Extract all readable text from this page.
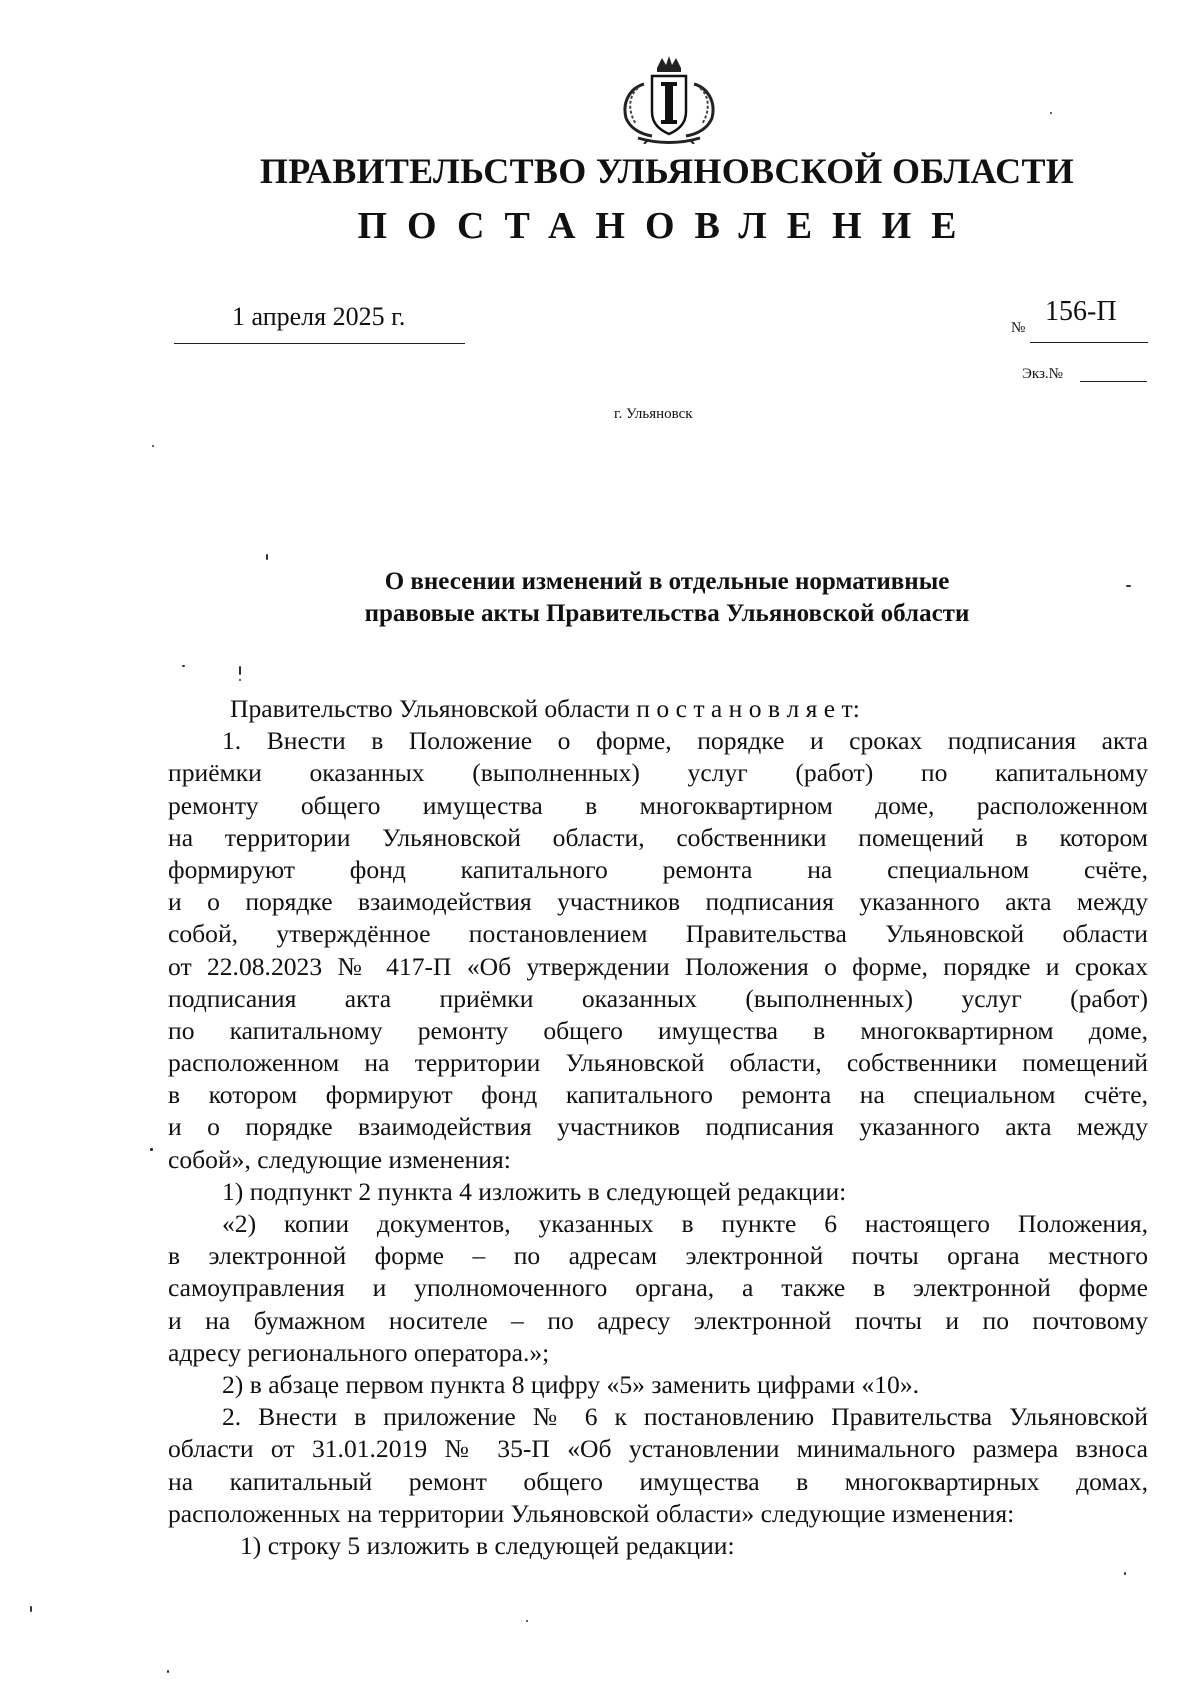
ПРАВИТЕЛЬСТВО УЛЬЯНОВСКОЙ ОБЛАСТИ
ПОСТАНОВЛЕНИЕ
1 апреля 2025 г.	№
156-П
Экз.№
г. Ульяновск
О внесении изменений в отдельные нормативные
правовые акты Правительства Ульяновской области
Правительство Ульяновской области п о с т а н о в л я е т:
1. Внести в Положение о форме, порядке и сроках подписания акта
приёмки оказанных (выполненных) услуг (работ) по капитальному
ремонту общего имущества в многоквартирном доме, расположенном
на территории Ульяновской области, собственники помещений в котором
формируют фонд капитального ремонта на специальном счёте,
и о порядке взаимодействия участников подписания указанного акта между
собой, утверждённое постановлением Правительства Ульяновской области
от 22.08.2023 № 417-П «Об утверждении Положения о форме, порядке и сроках
подписания акта приёмки оказанных (выполненных) услуг (работ)
по капитальному ремонту общего имущества в многоквартирном доме,
расположенном на территории Ульяновской области, собственники помещений
в котором формируют фонд капитального ремонта на специальном счёте,
и о порядке взаимодействия участников подписания указанного акта между
собой», следующие изменения:
1) подпункт 2 пункта 4 изложить в следующей редакции:
«2) копии документов, указанных в пункте 6 настоящего Положения,
в электронной форме – по адресам электронной почты органа местного
самоуправления и уполномоченного органа, а также в электронной форме
и на бумажном носителе – по адресу электронной почты и по почтовому
адресу регионального оператора.»;
2) в абзаце первом пункта 8 цифру «5» заменить цифрами «10».
2. Внести в приложение № 6 к постановлению Правительства Ульяновской
области от 31.01.2019 № 35-П «Об установлении минимального размера взноса
на капитальный ремонт общего имущества в многоквартирных домах,
расположенных на территории Ульяновской области» следующие изменения:
1) строку 5 изложить в следующей редакции:
